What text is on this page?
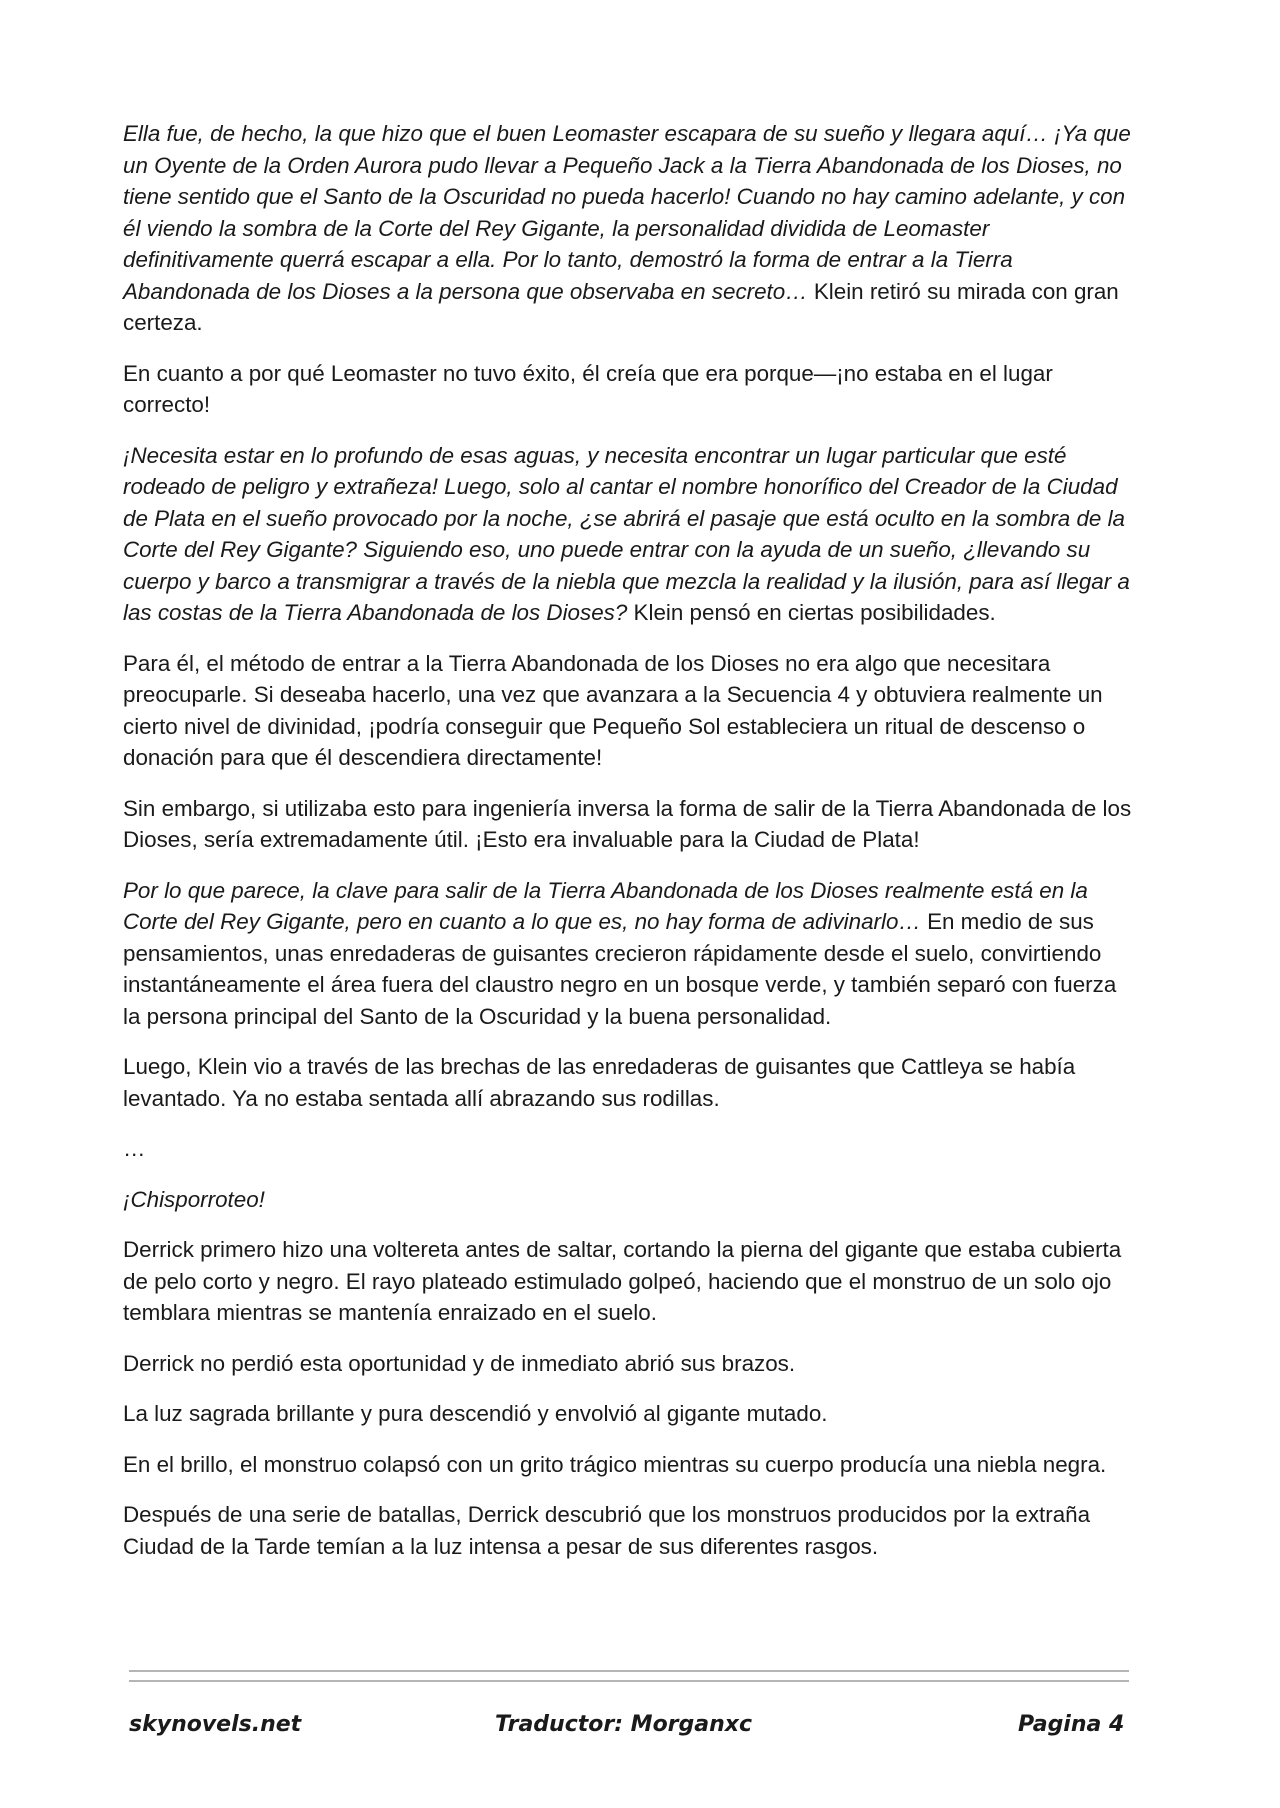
Ella fue, de hecho, la que hizo que el buen Leomaster escapara de su sueño y llegara aquí… ¡Ya que un Oyente de la Orden Aurora pudo llevar a Pequeño Jack a la Tierra Abandonada de los Dioses, no tiene sentido que el Santo de la Oscuridad no pueda hacerlo! Cuando no hay camino adelante, y con él viendo la sombra de la Corte del Rey Gigante, la personalidad dividida de Leomaster definitivamente querrá escapar a ella. Por lo tanto, demostró la forma de entrar a la Tierra Abandonada de los Dioses a la persona que observaba en secreto… Klein retiró su mirada con gran certeza.

En cuanto a por qué Leomaster no tuvo éxito, él creía que era porque—¡no estaba en el lugar correcto!

¡Necesita estar en lo profundo de esas aguas, y necesita encontrar un lugar particular que esté rodeado de peligro y extrañeza! Luego, solo al cantar el nombre honorífico del Creador de la Ciudad de Plata en el sueño provocado por la noche, ¿se abrirá el pasaje que está oculto en la sombra de la Corte del Rey Gigante? Siguiendo eso, uno puede entrar con la ayuda de un sueño, ¿llevando su cuerpo y barco a transmigrar a través de la niebla que mezcla la realidad y la ilusión, para así llegar a las costas de la Tierra Abandonada de los Dioses? Klein pensó en ciertas posibilidades.

Para él, el método de entrar a la Tierra Abandonada de los Dioses no era algo que necesitara preocuparle. Si deseaba hacerlo, una vez que avanzara a la Secuencia 4 y obtuviera realmente un cierto nivel de divinidad, ¡podría conseguir que Pequeño Sol estableciera un ritual de descenso o donación para que él descendiera directamente!

Sin embargo, si utilizaba esto para ingeniería inversa la forma de salir de la Tierra Abandonada de los Dioses, sería extremadamente útil. ¡Esto era invaluable para la Ciudad de Plata!

Por lo que parece, la clave para salir de la Tierra Abandonada de los Dioses realmente está en la Corte del Rey Gigante, pero en cuanto a lo que es, no hay forma de adivinarlo… En medio de sus pensamientos, unas enredaderas de guisantes crecieron rápidamente desde el suelo, convirtiendo instantáneamente el área fuera del claustro negro en un bosque verde, y también separó con fuerza la persona principal del Santo de la Oscuridad y la buena personalidad.

Luego, Klein vio a través de las brechas de las enredaderas de guisantes que Cattleya se había levantado. Ya no estaba sentada allí abrazando sus rodillas.

…

¡Chisporroteo!

Derrick primero hizo una voltereta antes de saltar, cortando la pierna del gigante que estaba cubierta de pelo corto y negro. El rayo plateado estimulado golpeó, haciendo que el monstruo de un solo ojo temblara mientras se mantenía enraizado en el suelo.

Derrick no perdió esta oportunidad y de inmediato abrió sus brazos.

La luz sagrada brillante y pura descendió y envolvió al gigante mutado.

En el brillo, el monstruo colapsó con un grito trágico mientras su cuerpo producía una niebla negra.

Después de una serie de batallas, Derrick descubrió que los monstruos producidos por la extraña Ciudad de la Tarde temían a la luz intensa a pesar de sus diferentes rasgos.

skynovels.net	Traductor: Morganxc	Pagina 4
